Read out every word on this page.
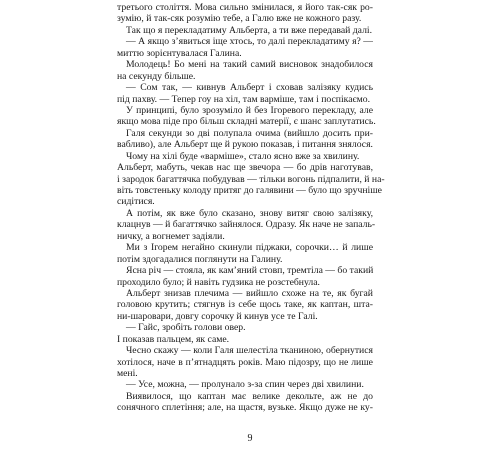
третього століття. Мова сильно змінилася, я його так-сяк ро-
зумію, й так-сяк розумію тебе, а Галю вже не кожного разу.
Так що я перекладатиму Альберта, а ти вже передавай далі.
— А якщо з’явиться іще хтось, то далі перекладатиму я? —
миттю зорієнтувалася Галина.
Молодець! Бо мені на такий самий висновок знадобилося
на секунду більше.
— Сом так, — кивнув Альберт і сховав залізяку кудись
під пахву. — Тепер гоу на хіл, там варміше, там і поспікаємо.
У принципі, було зрозуміло й без Ігоревого перекладу, але
якщо мова піде про більш складні матерії, є шанс заплутатись.
Галя секунди зо дві полупала очима (вийшло досить при-
вабливо), але Альберт ще й рукою показав, і питання зняло́ся.
Чому на хілі буде «варміше», стало ясно вже за хвилину.
Альберт, мабуть, чекав нас ще звечора — бо дрів наготував,
і зародок багаттячка побудував — тільки вогонь підпалити, й на-
віть товстеньку колоду притяг до галявини — було що зручніше
сидітися.
А потім, як вже було сказано, знову витяг свою залізяку,
клацнув — й багаттячко зайнялося. Одразу. Як наче не запаль-
ничку, а вогнемет задіяли.
Ми з Ігорем негайно скинули піджаки, сорочки… й лише
потім здогадалися поглянути на Галину.
Ясна річ — стояла, як кам’яний стовп, тремтіла — бо такий
проходило було; й навіть гудзика не розстебнула.
Альберт знизав плечима — вийшло схоже на те, як бугай
головою крутить; стягнув із себе щось таке, як каптан, шта-
ни-шаровари, довгу сорочку й кинув усе те Галі.
— Гайс, зробіть голови овер.
І показав пальцем, як саме.
Чесно скажу — коли Галя шелестіла тканиною, обернутися
хотілося, наче в п’ятнадцять років. Маю підозру, що не лише
мені.
— Усе, можна, — пролунало з-за спин через дві хвилини.
Виявилося, що каптан має велике декольте, аж не до
сонячного сплетіння; але, на щастя, вузьке. Якщо дуже не ку-
9
